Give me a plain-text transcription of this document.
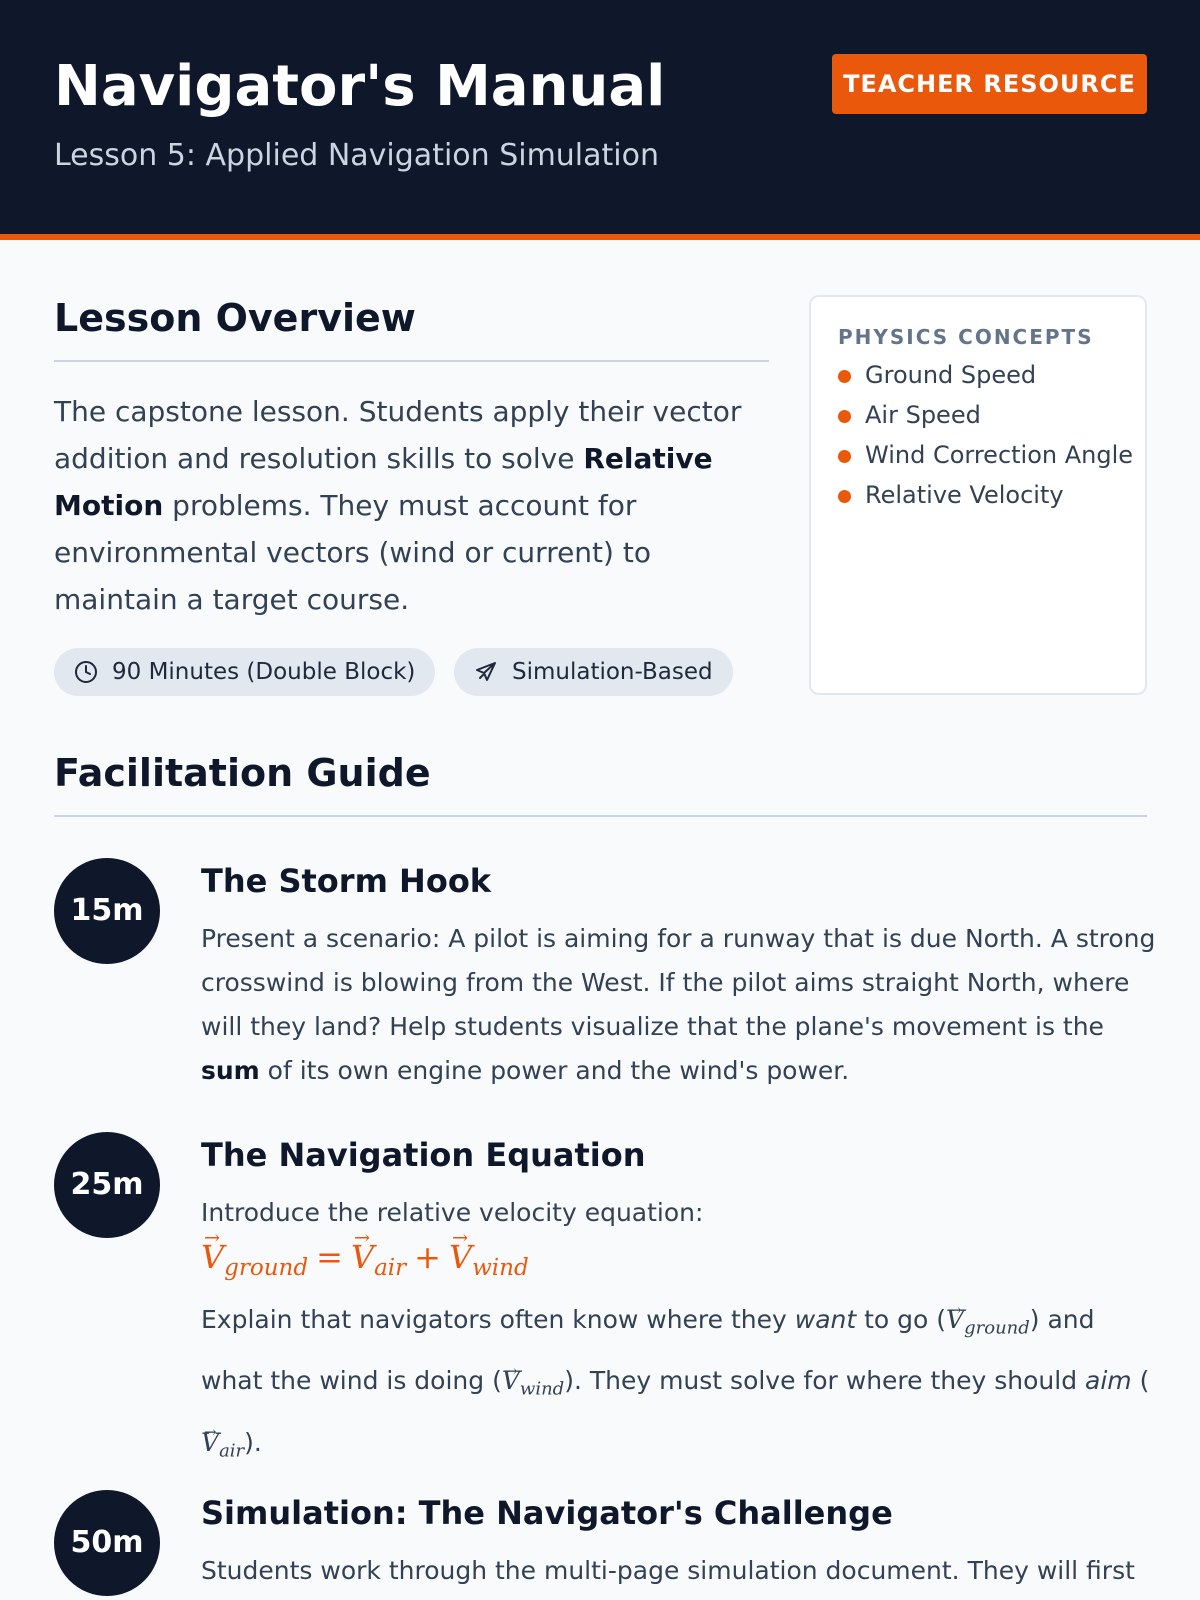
Navigator's Manual
Lesson 5: Applied Navigation Simulation
TEACHER RESOURCE
Lesson Overview
The capstone lesson. Students apply their vector addition and resolution skills to solve Relative Motion problems. They must account for environmental vectors (wind or current) to maintain a target course.
90 Minutes (Double Block)	Simulation-Based
PHYSICS CONCEPTS
Ground Speed
Air Speed
Wind Correction Angle
Relative Velocity
Facilitation Guide
15m
The Storm Hook
Present a scenario: A pilot is aiming for a runway that is due North. A strong crosswind is blowing from the West. If the pilot aims straight North, where will they land? Help students visualize that the plane's movement is the sum of its own engine power and the wind's power.
25m
The Navigation Equation
Introduce the relative velocity equation:
→ $V_{ground} =\to V_{air} +\to V_{wind}$
Explain that navigators often know where they want to go (→ $V_{ground}$) and what the wind is doing (→ $V_{wind}$). They must solve for where they should aim (→ $V_{air}$).
50m
Simulation: The Navigator's Challenge
Students work through the multi-page simulation document. They will first
